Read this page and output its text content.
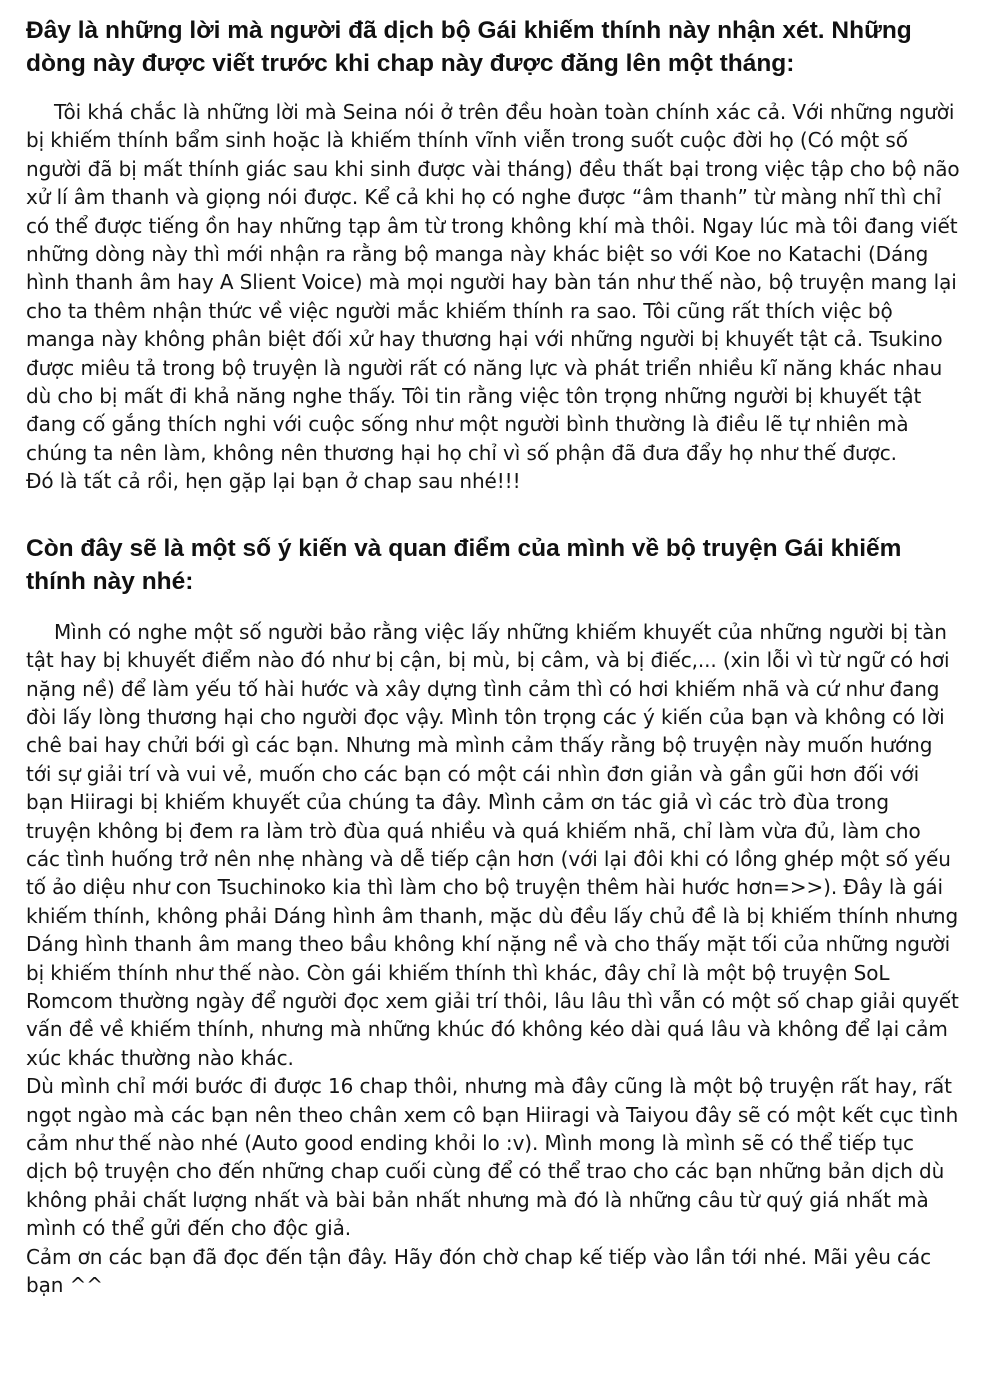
Đây là những lời mà người đã dịch bộ Gái khiếm thính này nhận xét. Những dòng này được viết trước khi chap này được đăng lên một tháng:

Tôi khá chắc là những lời mà Seina nói ở trên đều hoàn toàn chính xác cả. Với những người bị khiếm thính bẩm sinh hoặc là khiếm thính vĩnh viễn trong suốt cuộc đời họ (Có một số người đã bị mất thính giác sau khi sinh được vài tháng) đều thất bại trong việc tập cho bộ não xử lí âm thanh và giọng nói được. Kể cả khi họ có nghe được “âm thanh” từ màng nhĩ thì chỉ có thể được tiếng ồn hay những tạp âm từ trong không khí mà thôi. Ngay lúc mà tôi đang viết những dòng này thì mới nhận ra rằng bộ manga này khác biệt so với Koe no Katachi (Dáng hình thanh âm hay A Slient Voice) mà mọi người hay bàn tán như thế nào, bộ truyện mang lại cho ta thêm nhận thức về việc người mắc khiếm thính ra sao. Tôi cũng rất thích việc bộ manga này không phân biệt đối xử hay thương hại với những người bị khuyết tật cả. Tsukino được miêu tả trong bộ truyện là người rất có năng lực và phát triển nhiều kĩ năng khác nhau dù cho bị mất đi khả năng nghe thấy. Tôi tin rằng việc tôn trọng những người bị khuyết tật đang cố gắng thích nghi với cuộc sống như một người bình thường là điều lẽ tự nhiên mà chúng ta nên làm, không nên thương hại họ chỉ vì số phận đã đưa đẩy họ như thế được.

Đó là tất cả rồi, hẹn gặp lại bạn ở chap sau nhé!!!

Còn đây sẽ là một số ý kiến và quan điểm của mình về bộ truyện Gái khiếm thính này nhé:

Mình có nghe một số người bảo rằng việc lấy những khiếm khuyết của những người bị tàn tật hay bị khuyết điểm nào đó như bị cận, bị mù, bị câm, và bị điếc,... (xin lỗi vì từ ngữ có hơi nặng nề) để làm yếu tố hài hước và xây dựng tình cảm thì có hơi khiếm nhã và cứ như đang đòi lấy lòng thương hại cho người đọc vậy. Mình tôn trọng các ý kiến của bạn và không có lời chê bai hay chửi bới gì các bạn. Nhưng mà mình cảm thấy rằng bộ truyện này muốn hướng tới sự giải trí và vui vẻ, muốn cho các bạn có một cái nhìn đơn giản và gần gũi hơn đối với bạn Hiiragi bị khiếm khuyết của chúng ta đây. Mình cảm ơn tác giả vì các trò đùa trong truyện không bị đem ra làm trò đùa quá nhiều và quá khiếm nhã, chỉ làm vừa đủ, làm cho các tình huống trở nên nhẹ nhàng và dễ tiếp cận hơn (với lại đôi khi có lồng ghép một số yếu tố ảo diệu như con Tsuchinoko kia thì làm cho bộ truyện thêm hài hước hơn=>>). Đây là gái khiếm thính, không phải Dáng hình âm thanh, mặc dù đều lấy chủ đề là bị khiếm thính nhưng Dáng hình thanh âm mang theo bầu không khí nặng nề và cho thấy mặt tối của những người bị khiếm thính như thế nào. Còn gái khiếm thính thì khác, đây chỉ là một bộ truyện SoL Romcom thường ngày để người đọc xem giải trí thôi, lâu lâu thì vẫn có một số chap giải quyết vấn đề về khiếm thính, nhưng mà những khúc đó không kéo dài quá lâu và không để lại cảm xúc khác thường nào khác.

Dù mình chỉ mới bước đi được 16 chap thôi, nhưng mà đây cũng là một bộ truyện rất hay, rất ngọt ngào mà các bạn nên theo chân xem cô bạn Hiiragi và Taiyou đây sẽ có một kết cục tình cảm như thế nào nhé (Auto good ending khỏi lo :v). Mình mong là mình sẽ có thể tiếp tục dịch bộ truyện cho đến những chap cuối cùng để có thể trao cho các bạn những bản dịch dù không phải chất lượng nhất và bài bản nhất nhưng mà đó là những câu từ quý giá nhất mà mình có thể gửi đến cho độc giả.

Cảm ơn các bạn đã đọc đến tận đây. Hãy đón chờ chap kế tiếp vào lần tới nhé. Mãi yêu các bạn ^^
